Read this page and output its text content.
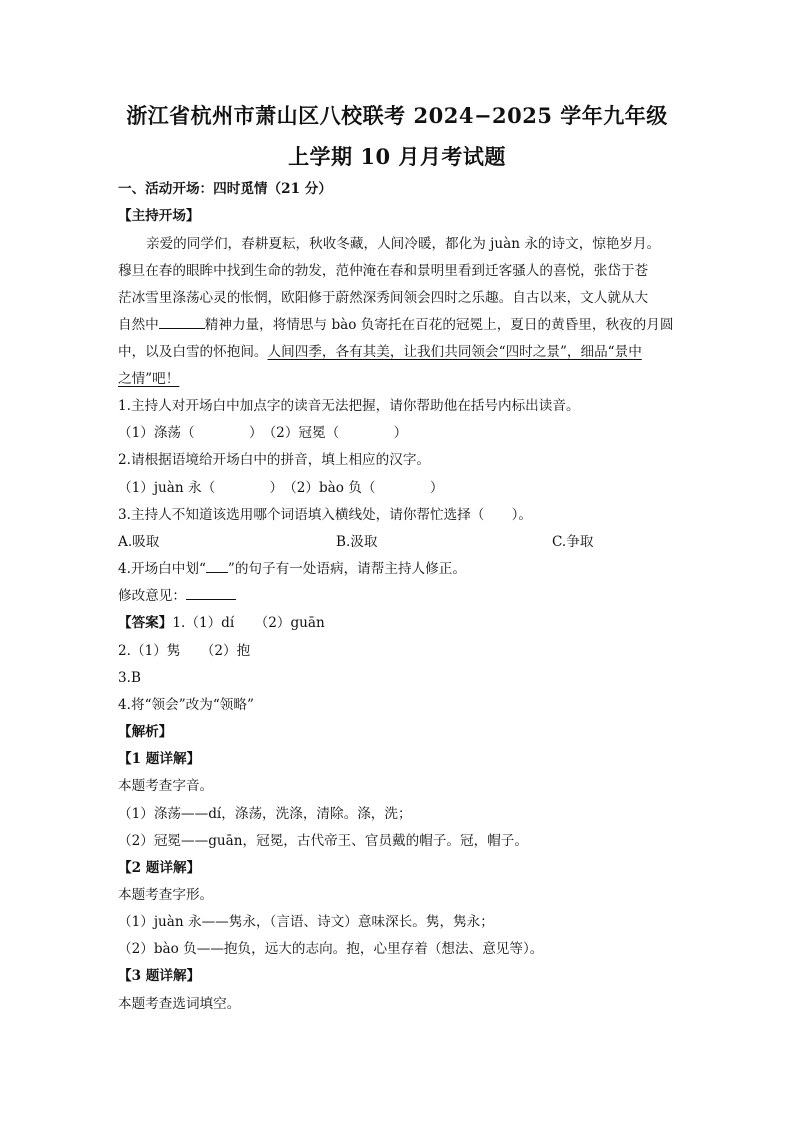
浙江省杭州市萧山区八校联考 2024−2025 学年九年级
上学期 10 月月考试题
一、活动开场：四时觅情（21 分）
【主持开场】
亲爱的同学们，春耕夏耘，秋收冬藏，人间冷暖，都化为 juàn 永的诗文，惊艳岁月。
穆旦在春的眼眸中找到生命的勃发，范仲淹在春和景明里看到迁客骚人的喜悦，张岱于苍
茫冰雪里涤荡心灵的怅惘，欧阳修于蔚然深秀间领会四时之乐趣。自古以来，文人就从大
自然中	精神力量，将情思与 bào 负寄托在百花的冠冕上，夏日的黄昏里，秋夜的月圆
中，以及白雪的怀抱间。人间四季，各有其美，让我们共同领会“四时之景”，细品“景中
之情”吧！
1.主持人对开场白中加点字的读音无法把握，请你帮助他在括号内标出读音。
（1）涤荡（　　　　）　（2）冠冕（　　　　）
2.请根据语境给开场白中的拼音，填上相应的汉字。
（1）juàn 永（　　　　）　（2）bào 负（　　　　）
3.主持人不知道该选用哪个词语填入横线处，请你帮忙选择（　　）。
A.吸取	B.汲取	C.争取
4.开场白中划“ ”的句子有一处语病，请帮主持人修正。
修改意见：
【答案】1.（1）dí　　（2）guān
2.（1）隽　　（2）抱
3.B
4.将“领会”改为“领略”
【解析】
【1 题详解】
本题考查字音。
（1）涤荡——dí，涤荡，洗涤，清除。涤，洗；
（2）冠冕——guān，冠冕，古代帝王、官员戴的帽子。冠，帽子。
【2 题详解】
本题考查字形。
（1）juàn 永——隽永，（言语、诗文）意味深长。隽，隽永；
（2）bào 负——抱负，远大的志向。抱，心里存着（想法、意见等）。
【3 题详解】
本题考查选词填空。
